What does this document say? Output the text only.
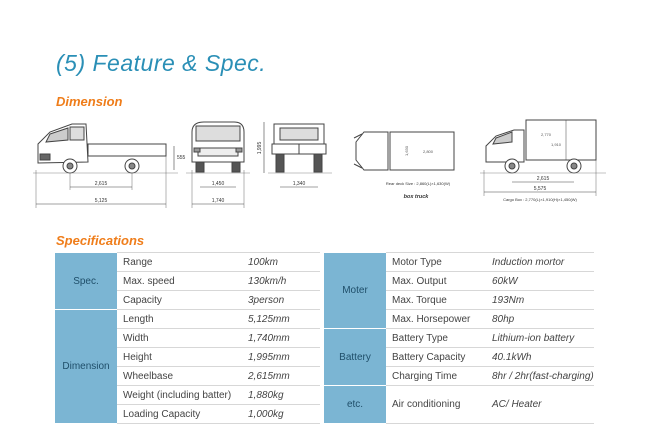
(5) Feature & Spec.
Dimension
2,615
5,125
555
1,450
1,740
1,995
1,340
2,800
1,630
Rear deck Size : 2,860(L)×1,630(W)
box truck
2,770
1,910
2,615
5,575
Cargo Box : 2,770(L)×1,910(H)×1,450(W)
Specifications
Spec.	Range	100km		Moter	Motor Type	Induction mortor
	Max. speed	130km/h			Max. Output	60kW
	Capacity	3person			Max. Torque	193Nm
Dimension	Length	5,125mm			Max. Horsepower	80hp
	Width	1,740mm		Battery	Battery Type	Lithium-ion battery
	Height	1,995mm			Battery Capacity	40.1kWh
	Wheelbase	2,615mm			Charging Time	8hr / 2hr(fast-charging)
	Weight (including batter)	1,880kg		etc.	Air conditioning	AC/ Heater
	Loading Capacity	1,000kg				
